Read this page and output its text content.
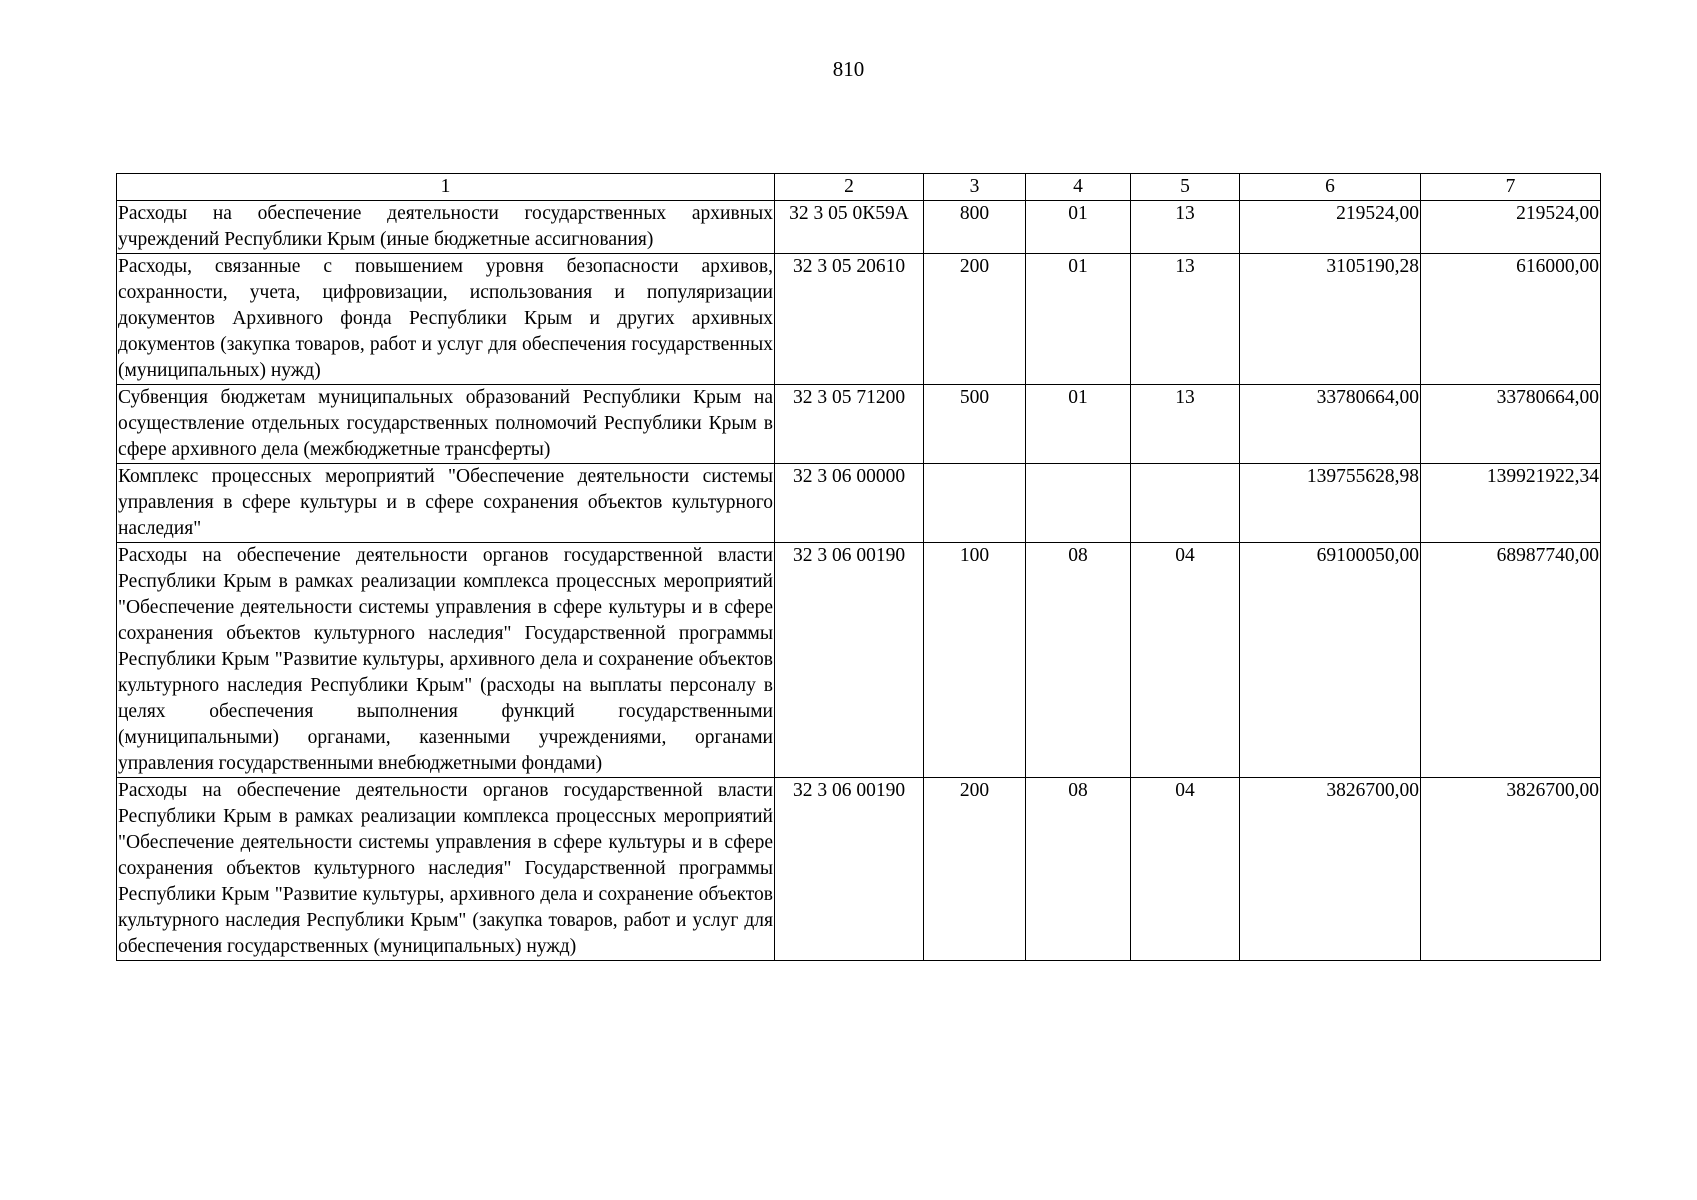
810
1	2	3	4	5	6	7
Расходы на обеспечение деятельности государственных архивных учреждений Республики Крым (иные бюджетные ассигнования)	32 3 05 0К59А	800	01	13	219524,00	219524,00
Расходы, связанные с повышением уровня безопасности архивов, сохранности, учета, цифровизации, использования и популяризации документов Архивного фонда Республики Крым и других архивных документов (закупка товаров, работ и услуг для обеспечения государственных (муниципальных) нужд)	32 3 05 20610	200	01	13	3105190,28	616000,00
Субвенция бюджетам муниципальных образований Республики Крым на осуществление отдельных государственных полномочий Республики Крым в сфере архивного дела (межбюджетные трансферты)	32 3 05 71200	500	01	13	33780664,00	33780664,00
Комплекс процессных мероприятий "Обеспечение деятельности системы управления в сфере культуры и в сфере сохранения объектов культурного наследия"	32 3 06 00000				139755628,98	139921922,34
Расходы на обеспечение деятельности органов государственной власти Республики Крым в рамках реализации комплекса процессных мероприятий "Обеспечение деятельности системы управления в сфере культуры и в сфере сохранения объектов культурного наследия" Государственной программы Республики Крым "Развитие культуры, архивного дела и сохранение объектов культурного наследия Республики Крым" (расходы на выплаты персоналу в целях обеспечения выполнения функций государственными (муниципальными) органами, казенными учреждениями, органами управления государственными внебюджетными фондами)	32 3 06 00190	100	08	04	69100050,00	68987740,00
Расходы на обеспечение деятельности органов государственной власти Республики Крым в рамках реализации комплекса процессных мероприятий "Обеспечение деятельности системы управления в сфере культуры и в сфере сохранения объектов культурного наследия" Государственной программы Республики Крым "Развитие культуры, архивного дела и сохранение объектов культурного наследия Республики Крым" (закупка товаров, работ и услуг для обеспечения государственных (муниципальных) нужд)	32 3 06 00190	200	08	04	3826700,00	3826700,00
